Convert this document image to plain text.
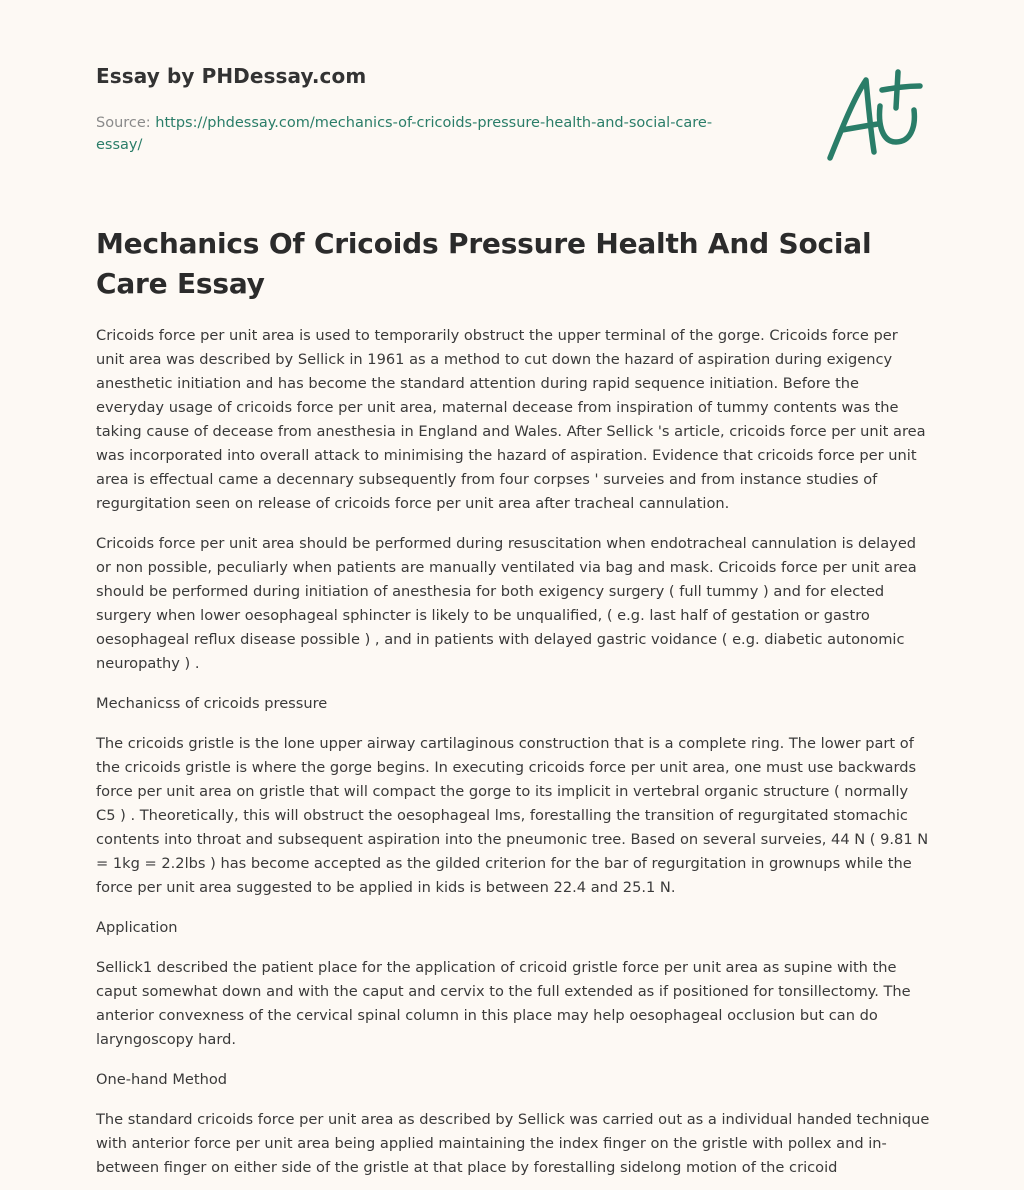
Essay by PHDessay.com
Source: https://phdessay.com/mechanics-of-cricoids-pressure-health-and-social-care-essay/
Mechanics Of Cricoids Pressure Health And Social Care Essay

Cricoids force per unit area is used to temporarily obstruct the upper terminal of the gorge. Cricoids force per unit area was described by Sellick in 1961 as a method to cut down the hazard of aspiration during exigency anesthetic initiation and has become the standard attention during rapid sequence initiation. Before the everyday usage of cricoids force per unit area, maternal decease from inspiration of tummy contents was the taking cause of decease from anesthesia in England and Wales. After Sellick 's article, cricoids force per unit area was incorporated into overall attack to minimising the hazard of aspiration. Evidence that cricoids force per unit area is effectual came a decennary subsequently from four corpses ' surveies and from instance studies of regurgitation seen on release of cricoids force per unit area after tracheal cannulation.

Cricoids force per unit area should be performed during resuscitation when endotracheal cannulation is delayed or non possible, peculiarly when patients are manually ventilated via bag and mask. Cricoids force per unit area should be performed during initiation of anesthesia for both exigency surgery ( full tummy ) and for elected surgery when lower oesophageal sphincter is likely to be unqualified, ( e.g. last half of gestation or gastro oesophageal reflux disease possible ) , and in patients with delayed gastric voidance ( e.g. diabetic autonomic neuropathy ) .

Mechanicss of cricoids pressure

The cricoids gristle is the lone upper airway cartilaginous construction that is a complete ring. The lower part of the cricoids gristle is where the gorge begins. In executing cricoids force per unit area, one must use backwards force per unit area on gristle that will compact the gorge to its implicit in vertebral organic structure ( normally C5 ) . Theoretically, this will obstruct the oesophageal lms, forestalling the transition of regurgitated stomachic contents into throat and subsequent aspiration into the pneumonic tree. Based on several surveies, 44 N ( 9.81 N = 1kg = 2.2lbs ) has become accepted as the gilded criterion for the bar of regurgitation in grownups while the force per unit area suggested to be applied in kids is between 22.4 and 25.1 N.

Application

Sellick1 described the patient place for the application of cricoid gristle force per unit area as supine with the caput somewhat down and with the caput and cervix to the full extended as if positioned for tonsillectomy. The anterior convexness of the cervical spinal column in this place may help oesophageal occlusion but can do laryngoscopy hard.

One-hand Method

The standard cricoids force per unit area as described by Sellick was carried out as a individual handed technique with anterior force per unit area being applied maintaining the index finger on the gristle with pollex and in-between finger on either side of the gristle at that place by forestalling sidelong motion of the cricoid
